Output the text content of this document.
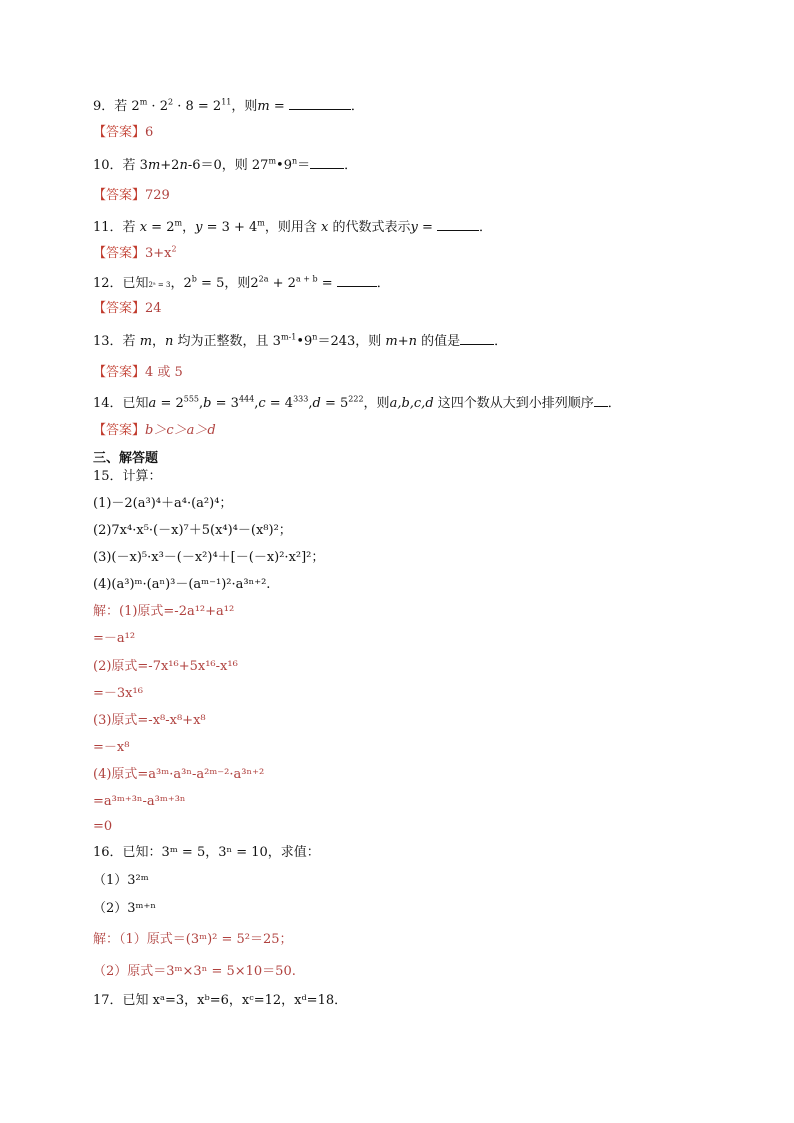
9．若 $2^m \cdot 2^2 \cdot 8 = 2^{11}$，则m =	．
【答案】6
10．若 3m+2n-6＝0，则 $27^m•9^n=$	．
【答案】729
11．若 $x = 2^m$，$y = 3 + 4^m$，则用含 x 的代数式表示y =	．
【答案】$3+x^2$
12．已知2ᵃ = 3，$2^b = 5$，则$2^{2a} + 2^{a + b}$ =	．
【答案】24
13．若 m，n 均为正整数，且 $3^{m-1}•9^n=243$，则 m+n 的值是	．
【答案】4 或 5
14．已知$a = 2^{555},b = 3^{444},c = 4^{333},d = 5^{222}$，则a,b,c,d 这四个数从大到小排列顺序 ．
【答案】b＞c＞a＞d
三、解答题
15．计算：
(1)－2(a³)⁴＋a⁴·(a²)⁴；
(2)7x⁴·x⁵·(－x)⁷＋5(x⁴)⁴－(x⁸)²；
(3)(－x)⁵·x³－(－x²)⁴＋[－(－x)²·x²]²；
(4)(a³)ᵐ·(aⁿ)³－(aᵐ⁻¹)²·a³ⁿ⁺².
解：(1)原式=-2a¹²+a¹²
=－a¹²
(2)原式=-7x¹⁶+5x¹⁶-x¹⁶
=－3x¹⁶
(3)原式=-x⁸-x⁸+x⁸
=－x⁸
(4)原式=a³ᵐ·a³ⁿ-a²ᵐ⁻²·a³ⁿ⁺²
=a³ᵐ⁺³ⁿ-a³ᵐ⁺³ⁿ
=0
16．已知：3ᵐ = 5，3ⁿ = 10，求值：
（1）3²ᵐ
（2）3ᵐ⁺ⁿ
解：（1）原式＝(3ᵐ)² = 5²＝25；
（2）原式＝3ᵐ×3ⁿ = 5×10＝50.
17．已知 xᵃ=3，xᵇ=6，xᶜ=12，xᵈ=18．
